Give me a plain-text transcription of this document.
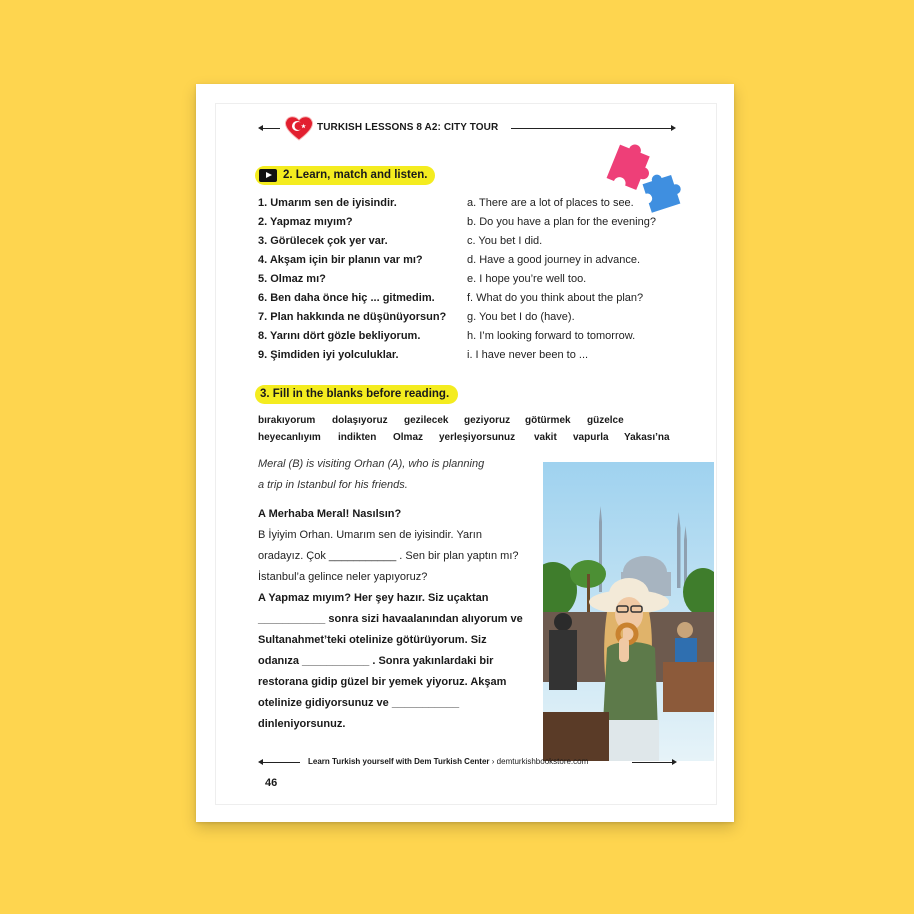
TURKISH LESSONS 8 A2: CITY TOUR
2. Learn, match and listen.
1. Umarım sen de iyisindir.
2. Yapmaz mıyım?
3. Görülecek çok yer var.
4. Akşam için bir planın var mı?
5. Olmaz mı?
6. Ben daha önce hiç ... gitmedim.
7. Plan hakkında ne düşünüyorsun?
8. Yarını dört gözle bekliyorum.
9. Şimdiden iyi yolculuklar.
a. There are a lot of places to see.
b. Do you have a plan for the evening?
c. You bet I did.
d. Have a good journey in advance.
e. I hope you’re well too.
f. What do you think about the plan?
g. You bet I do (have).
h. I’m looking forward to tomorrow.
i. I have never been to ...
3. Fill in the blanks before reading.
bırakıyorum dolaşıyoruz gezilecek geziyoruz götürmek güzelce
heyecanlıyım indikten Olmaz yerleşiyorsunuz vakit vapurla Yakası’na
Meral (B) is visiting Orhan (A), who is planning
a trip in Istanbul for his friends.
A Merhaba Meral! Nasılsın?
B İyiyim Orhan. Umarım sen de iyisindir. Yarın
oradayız. Çok ___________ . Sen bir plan yaptın mı?
İstanbul’a gelince neler yapıyoruz?
A Yapmaz mıyım? Her şey hazır. Siz uçaktan
___________ sonra sizi havaalanından alıyorum ve
Sultanahmet’teki otelinize götürüyorum. Siz
odanıza ___________ . Sonra yakınlardaki bir
restorana gidip güzel bir yemek yiyoruz. Akşam
otelinize gidiyorsunuz ve ___________
dinleniyorsunuz.
Learn Turkish yourself with Dem Turkish Center › demturkishbookstore.com
46
